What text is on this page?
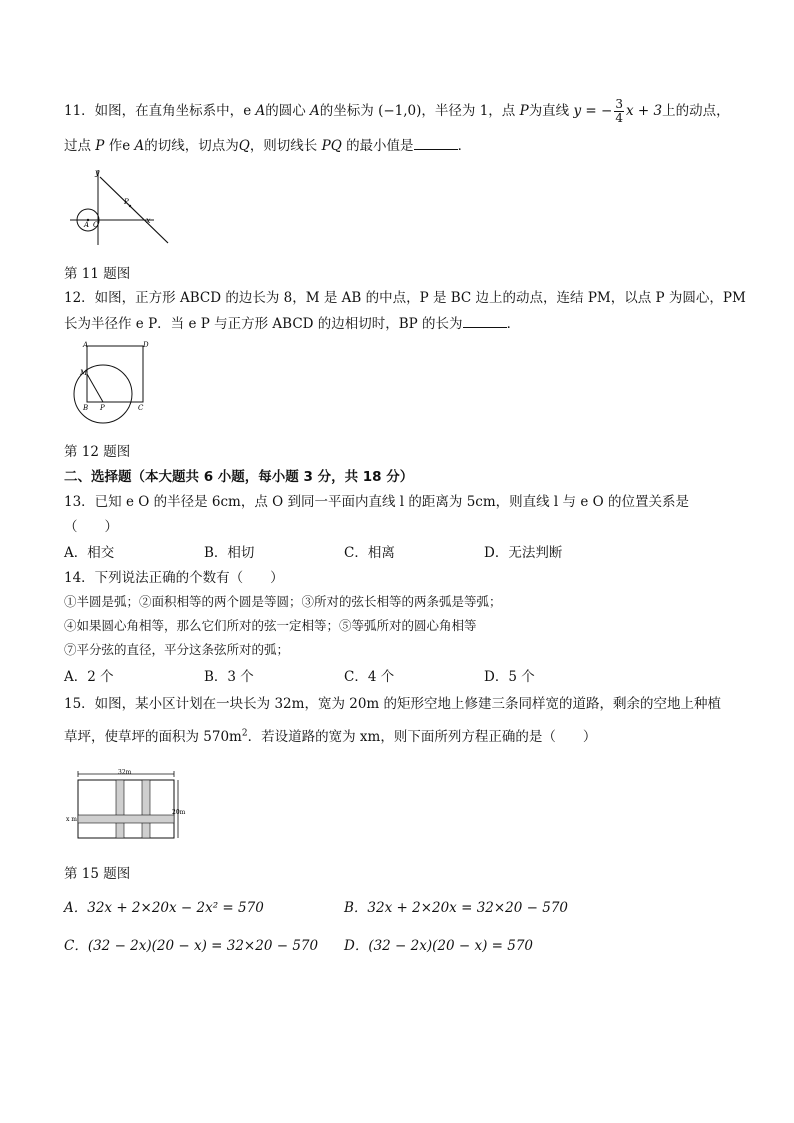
11．如图，在直角坐标系中，e A的圆心 A的坐标为 (−1,0)，半径为 1，点 P为直线 y = − $\frac{3}{4}$ x + 3上的动点，
过点 P 作e A的切线，切点为Q，则切线长 PQ 的最小值是	．
y
P
x
A O
第 11 题图
12．如图，正方形 ABCD 的边长为 8，M 是 AB 的中点，P 是 BC 边上的动点，连结 PM，以点 P 为圆心，PM
长为半径作 e P．当 e P 与正方形 ABCD 的边相切时，BP 的长为	．
A	D
M
B P	C
第 12 题图
二、选择题（本大题共 6 小题，每小题 3 分，共 18 分）
13．已知 e O 的半径是 6cm，点 O 到同一平面内直线 l 的距离为 5cm，则直线 l 与 e O 的位置关系是
（　　）
A．相交	B．相切	C．相离	D．无法判断
14．下列说法正确的个数有（　　）
①半圆是弧；②面积相等的两个圆是等圆；③所对的弦长相等的两条弧是等弧；
④如果圆心角相等，那么它们所对的弦一定相等；⑤等弧所对的圆心角相等
⑦平分弦的直径，平分这条弦所对的弧；
A．2 个	B．3 个	C．4 个	D．5 个
15．如图，某小区计划在一块长为 32m，宽为 20m 的矩形空地上修建三条同样宽的道路，剩余的空地上种植
草坪，使草坪的面积为 $570m^2$．若设道路的宽为 xm，则下面所列方程正确的是（　　）
32m
20m
x m
第 15 题图
A．32x + 2×20x − 2x² = 570	B．32x + 2×20x = 32×20 − 570
C．(32 − 2x)(20 − x) = 32×20 − 570 D．(32 − 2x)(20 − x) = 570
